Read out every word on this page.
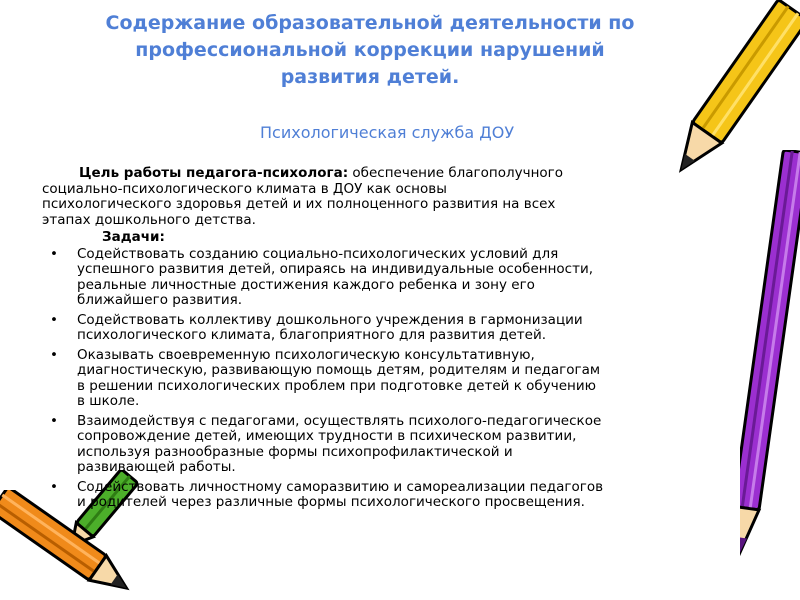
Содержание образовательной деятельности по
профессиональной коррекции нарушений
развития детей.
Психологическая служба ДОУ
Цель работы педагога-психолога: обеспечение благополучного
социально-психологического климата в ДОУ как основы
психологического здоровья детей и их полноценного развития на всех
этапах дошкольного детства.
Задачи:
• Содействовать созданию социально-психологических условий для
успешного развития детей, опираясь на индивидуальные особенности,
реальные личностные достижения каждого ребенка и зону его
ближайшего развития.
• Содействовать коллективу дошкольного учреждения в гармонизации
психологического климата, благоприятного для развития детей.
• Оказывать своевременную психологическую консультативную,
диагностическую, развивающую помощь детям, родителям и педагогам
в решении психологических проблем при подготовке детей к обучению
в школе.
• Взаимодействуя с педагогами, осуществлять психолого-педагогическое
сопровождение детей, имеющих трудности в психическом развитии,
используя разнообразные формы психопрофилактической и
развивающей работы.
• Содействовать личностному саморазвитию и самореализации педагогов
и родителей через различные формы психологического просвещения.
